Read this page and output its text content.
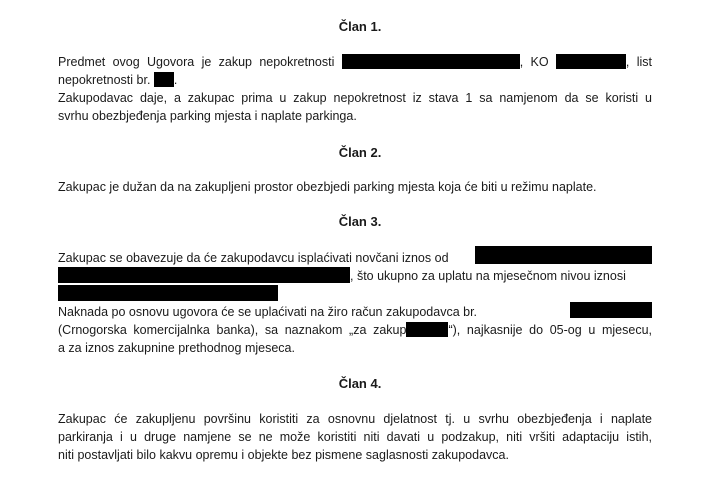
Član 1.
Predmet ovog Ugovora je zakup nepokretnosti	, KO	, list
nepokretnosti br. .
Zakupodavac daje, a zakupac prima u zakup nepokretnost iz stava 1 sa namjenom da se koristi u
svrhu obezbjeđenja parking mjesta i naplate parkinga.
Član 2.
Zakupac je dužan da na zakupljeni prostor obezbjedi parking mjesta koja će biti u režimu naplate.
Član 3.
Zakupac se obavezuje da će zakupodavcu isplaćivati novčani iznos od
, što ukupno za uplatu na mjesečnom nivou iznosi
Naknada po osnovu ugovora će se uplaćivati na žiro račun zakupodavca br.
(Crnogorska komercijalnka banka), sa naznakom „za zakup	“), najkasnije do 05-og u mjesecu,
a za iznos zakupnine prethodnog mjeseca.
Član 4.
Zakupac će zakupljenu površinu koristiti za osnovnu djelatnost tj. u svrhu obezbjeđenja i naplate
parkiranja i u druge namjene se ne može koristiti niti davati u podzakup, niti vršiti adaptaciju istih,
niti postavljati bilo kakvu opremu i objekte bez pismene saglasnosti zakupodavca.
